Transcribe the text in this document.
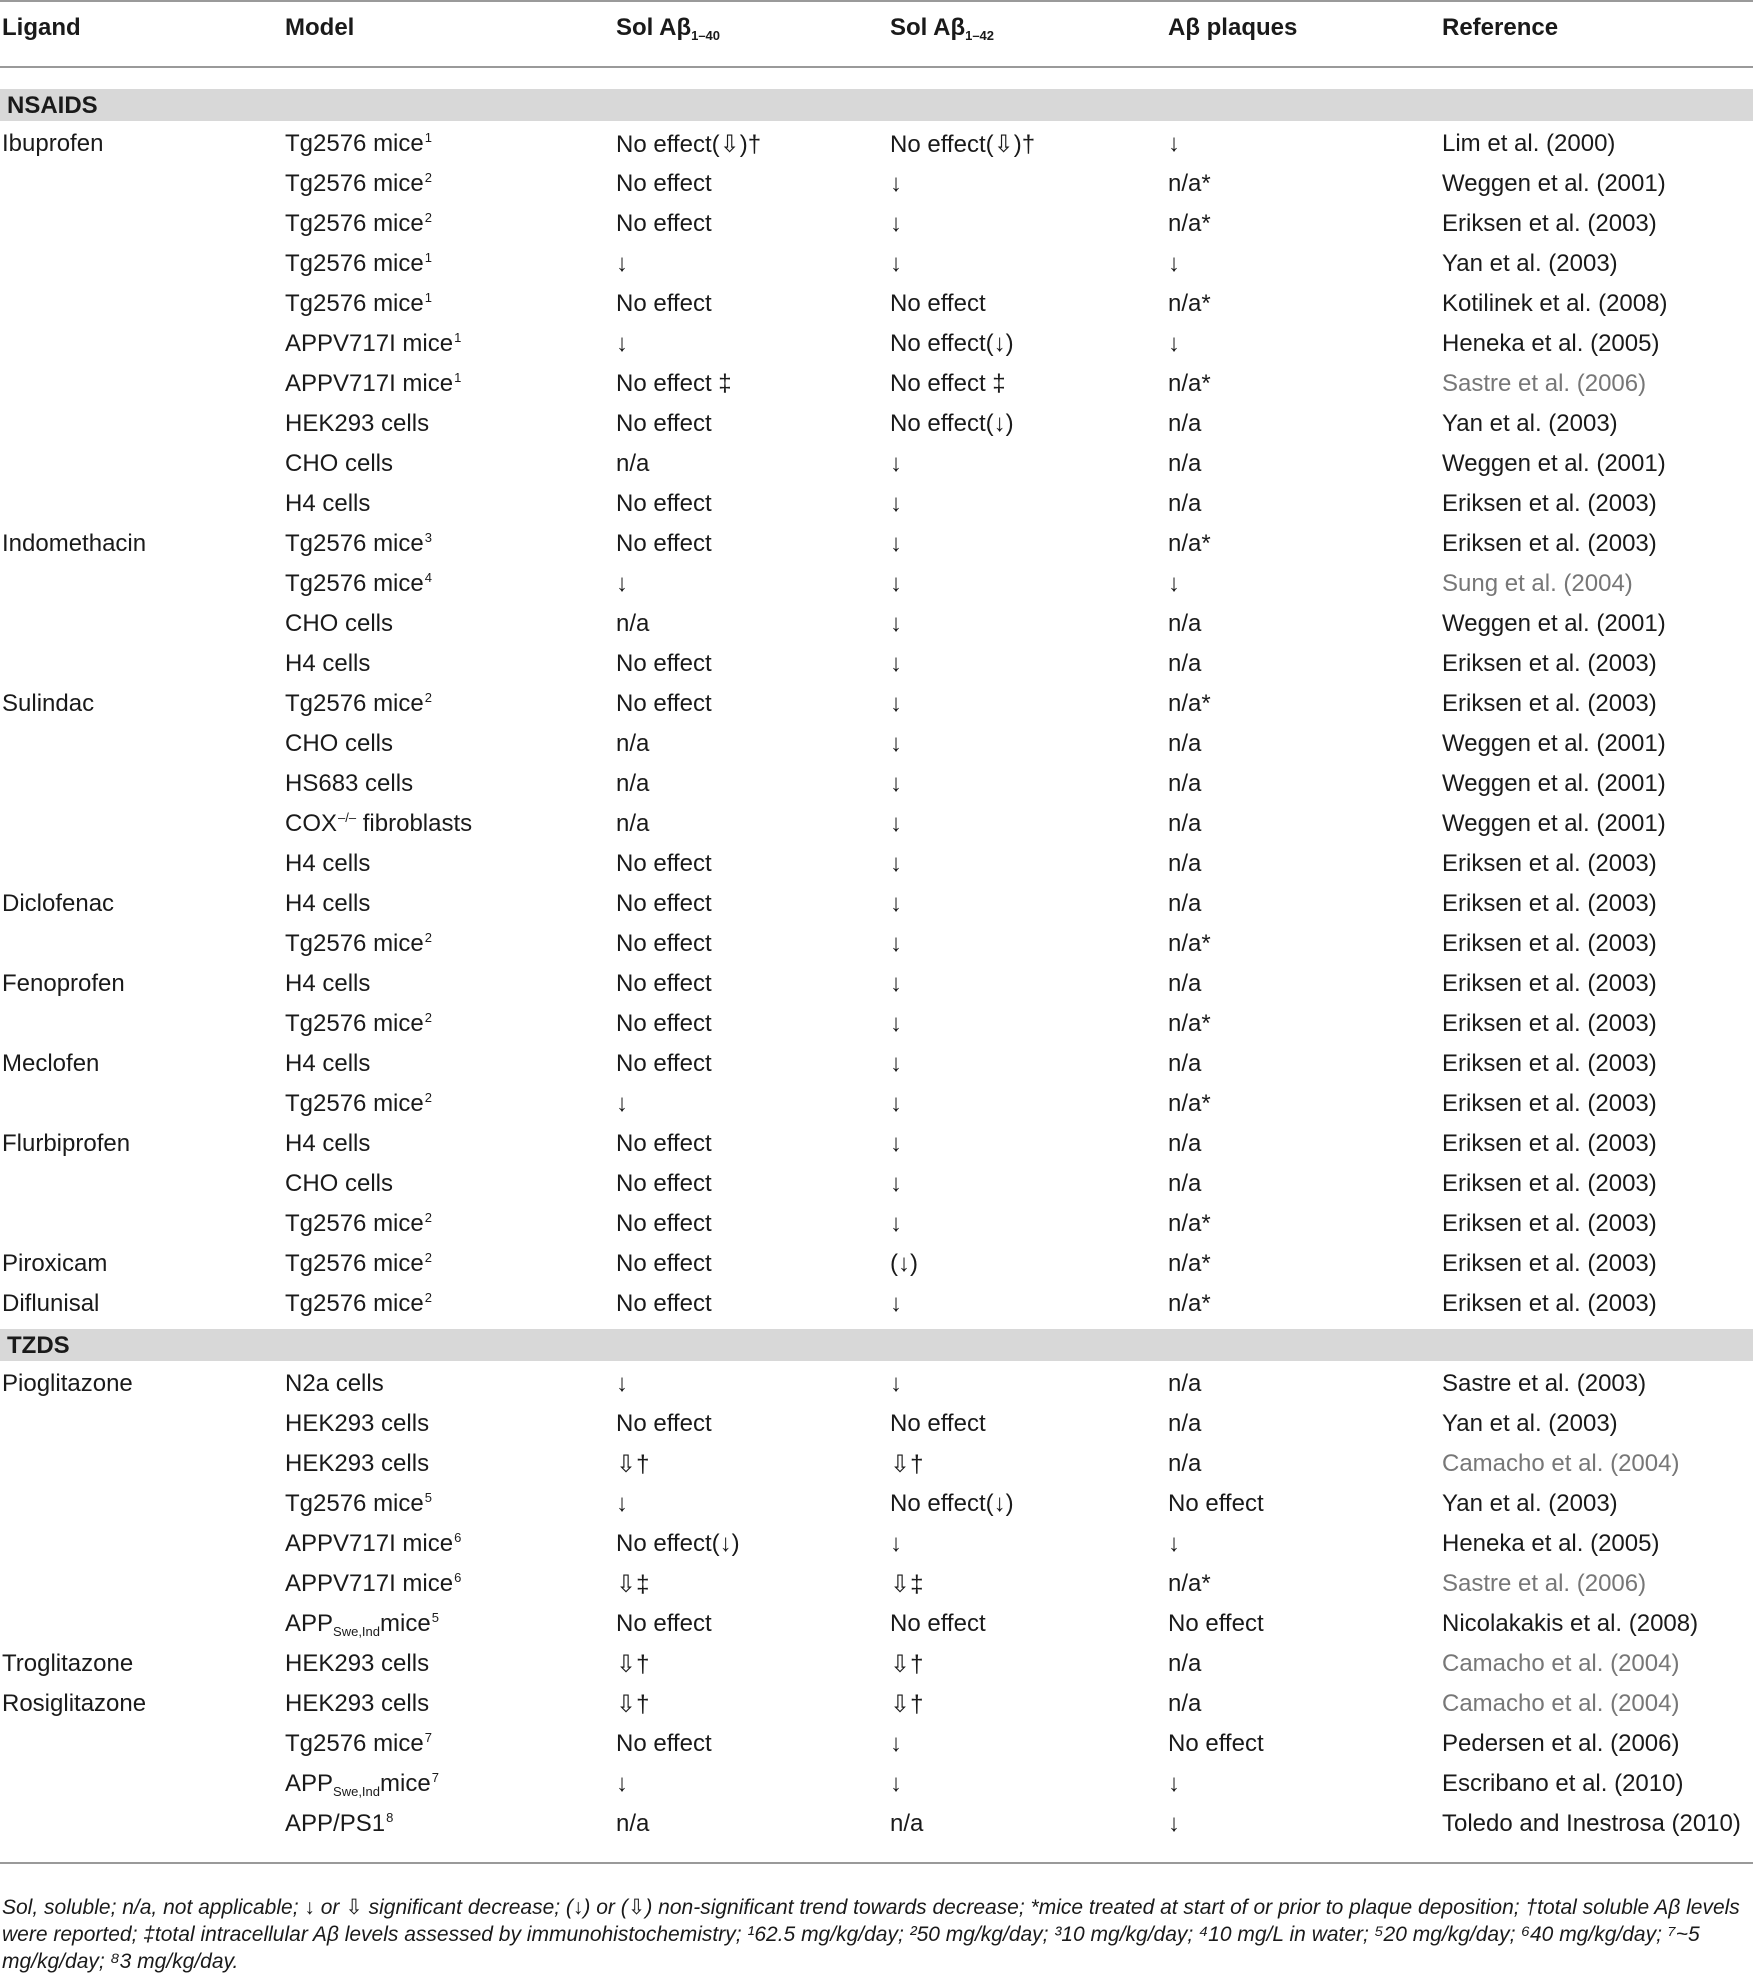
Ligand	Model	Sol $A\beta_{1-40}$	Sol $A\beta_{1-42}$	Aβ plaques	Reference
NSAIDS
Ibuprofen	Tg2576 mice$^1$	No effect(⇩)†	No effect(⇩)†	↓	Lim et al. (2000)
Tg2576 mice$^2$	No effect	↓	n/a*	Weggen et al. (2001)
Tg2576 mice$^2$	No effect	↓	n/a*	Eriksen et al. (2003)
Tg2576 mice$^1$	↓	↓	↓	Yan et al. (2003)
Tg2576 mice$^1$	No effect	No effect	n/a*	Kotilinek et al. (2008)
APPV717I mice$^1$	↓	No effect(↓)	↓	Heneka et al. (2005)
APPV717I mice$^1$	No effect ‡	No effect ‡	n/a*	Sastre et al. (2006)
HEK293 cells	No effect	No effect(↓)	n/a	Yan et al. (2003)
CHO cells	n/a	↓	n/a	Weggen et al. (2001)
H4 cells	No effect	↓	n/a	Eriksen et al. (2003)
Indomethacin	Tg2576 mice$^3$	No effect	↓	n/a*	Eriksen et al. (2003)
Tg2576 mice$^4$	↓	↓	↓	Sung et al. (2004)
CHO cells	n/a	↓	n/a	Weggen et al. (2001)
H4 cells	No effect	↓	n/a	Eriksen et al. (2003)
Sulindac	Tg2576 mice$^2$	No effect	↓	n/a*	Eriksen et al. (2003)
CHO cells	n/a	↓	n/a	Weggen et al. (2001)
HS683 cells	n/a	↓	n/a	Weggen et al. (2001)
COX–/– fibroblasts	n/a	↓	n/a	Weggen et al. (2001)
H4 cells	No effect	↓	n/a	Eriksen et al. (2003)
Diclofenac	H4 cells	No effect	↓	n/a	Eriksen et al. (2003)
Tg2576 mice$^2$	No effect	↓	n/a*	Eriksen et al. (2003)
Fenoprofen	H4 cells	No effect	↓	n/a	Eriksen et al. (2003)
Tg2576 mice$^2$	No effect	↓	n/a*	Eriksen et al. (2003)
Meclofen	H4 cells	No effect	↓	n/a	Eriksen et al. (2003)
Tg2576 mice$^2$	↓	↓	n/a*	Eriksen et al. (2003)
Flurbiprofen	H4 cells	No effect	↓	n/a	Eriksen et al. (2003)
CHO cells	No effect	↓	n/a	Eriksen et al. (2003)
Tg2576 mice$^2$	No effect	↓	n/a*	Eriksen et al. (2003)
Piroxicam	Tg2576 mice$^2$	No effect	(↓)	n/a*	Eriksen et al. (2003)
Diflunisal	Tg2576 mice$^2$	No effect	↓	n/a*	Eriksen et al. (2003)
TZDS
Pioglitazone	N2a cells	↓	↓	n/a	Sastre et al. (2003)
HEK293 cells	No effect	No effect	n/a	Yan et al. (2003)
HEK293 cells	⇩†	⇩†	n/a	Camacho et al. (2004)
Tg2576 mice$^5$	↓	No effect(↓)	No effect	Yan et al. (2003)
APPV717I mice$^6$	No effect(↓)	↓	↓	Heneka et al. (2005)
APPV717I mice$^6$	⇩‡	⇩‡	n/a*	Sastre et al. (2006)
$APP_{Swe,Ind}mice^5$	No effect	No effect	No effect	Nicolakakis et al. (2008)
Troglitazone	HEK293 cells	⇩†	⇩†	n/a	Camacho et al. (2004)
Rosiglitazone	HEK293 cells	⇩†	⇩†	n/a	Camacho et al. (2004)
Tg2576 mice$^7$	No effect	↓	No effect	Pedersen et al. (2006)
$APP_{Swe,Ind}mice^7$	↓	↓	↓	Escribano et al. (2010)
APP/$PS1^8$	n/a	n/a	↓	Toledo and Inestrosa (2010)
Sol, soluble; n/a, not applicable; ↓ or ⇩ significant decrease; (↓) or (⇩) non-significant trend towards decrease; *mice treated at start of or prior to plaque deposition; †total soluble Aβ levels were reported; ‡total intracellular Aβ levels assessed by immunohistochemistry; ¹62.5 mg/kg/day; ²50 mg/kg/day; ³10 mg/kg/day; ⁴10 mg/L in water; ⁵20 mg/kg/day; ⁶40 mg/kg/day; ⁷~5 mg/kg/day; ⁸3 mg/kg/day.
